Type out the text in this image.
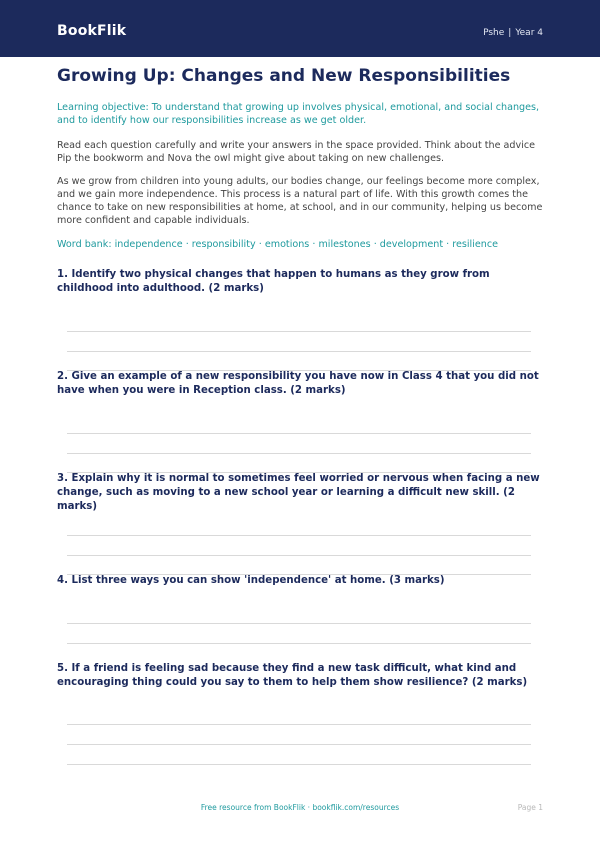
BookFlik	Pshe | Year 4
Growing Up: Changes and New Responsibilities

Learning objective: To understand that growing up involves physical, emotional, and social changes, and to identify how our responsibilities increase as we get older.

Read each question carefully and write your answers in the space provided. Think about the advice Pip the bookworm and Nova the owl might give about taking on new challenges.

As we grow from children into young adults, our bodies change, our feelings become more complex, and we gain more independence. This process is a natural part of life. With this growth comes the chance to take on new responsibilities at home, at school, and in our community, helping us become more confident and capable individuals.

Word bank: independence · responsibility · emotions · milestones · development · resilience

1. Identify two physical changes that happen to humans as they grow from childhood into adulthood. (2 marks)

2. Give an example of a new responsibility you have now in Class 4 that you did not have when you were in Reception class. (2 marks)

3. Explain why it is normal to sometimes feel worried or nervous when facing a new change, such as moving to a new school year or learning a difficult new skill. (2 marks)

4. List three ways you can show 'independence' at home. (3 marks)

5. If a friend is feeling sad because they find a new task difficult, what kind and encouraging thing could you say to them to help them show resilience? (2 marks)

Free resource from BookFlik · bookflik.com/resources	Page 1
